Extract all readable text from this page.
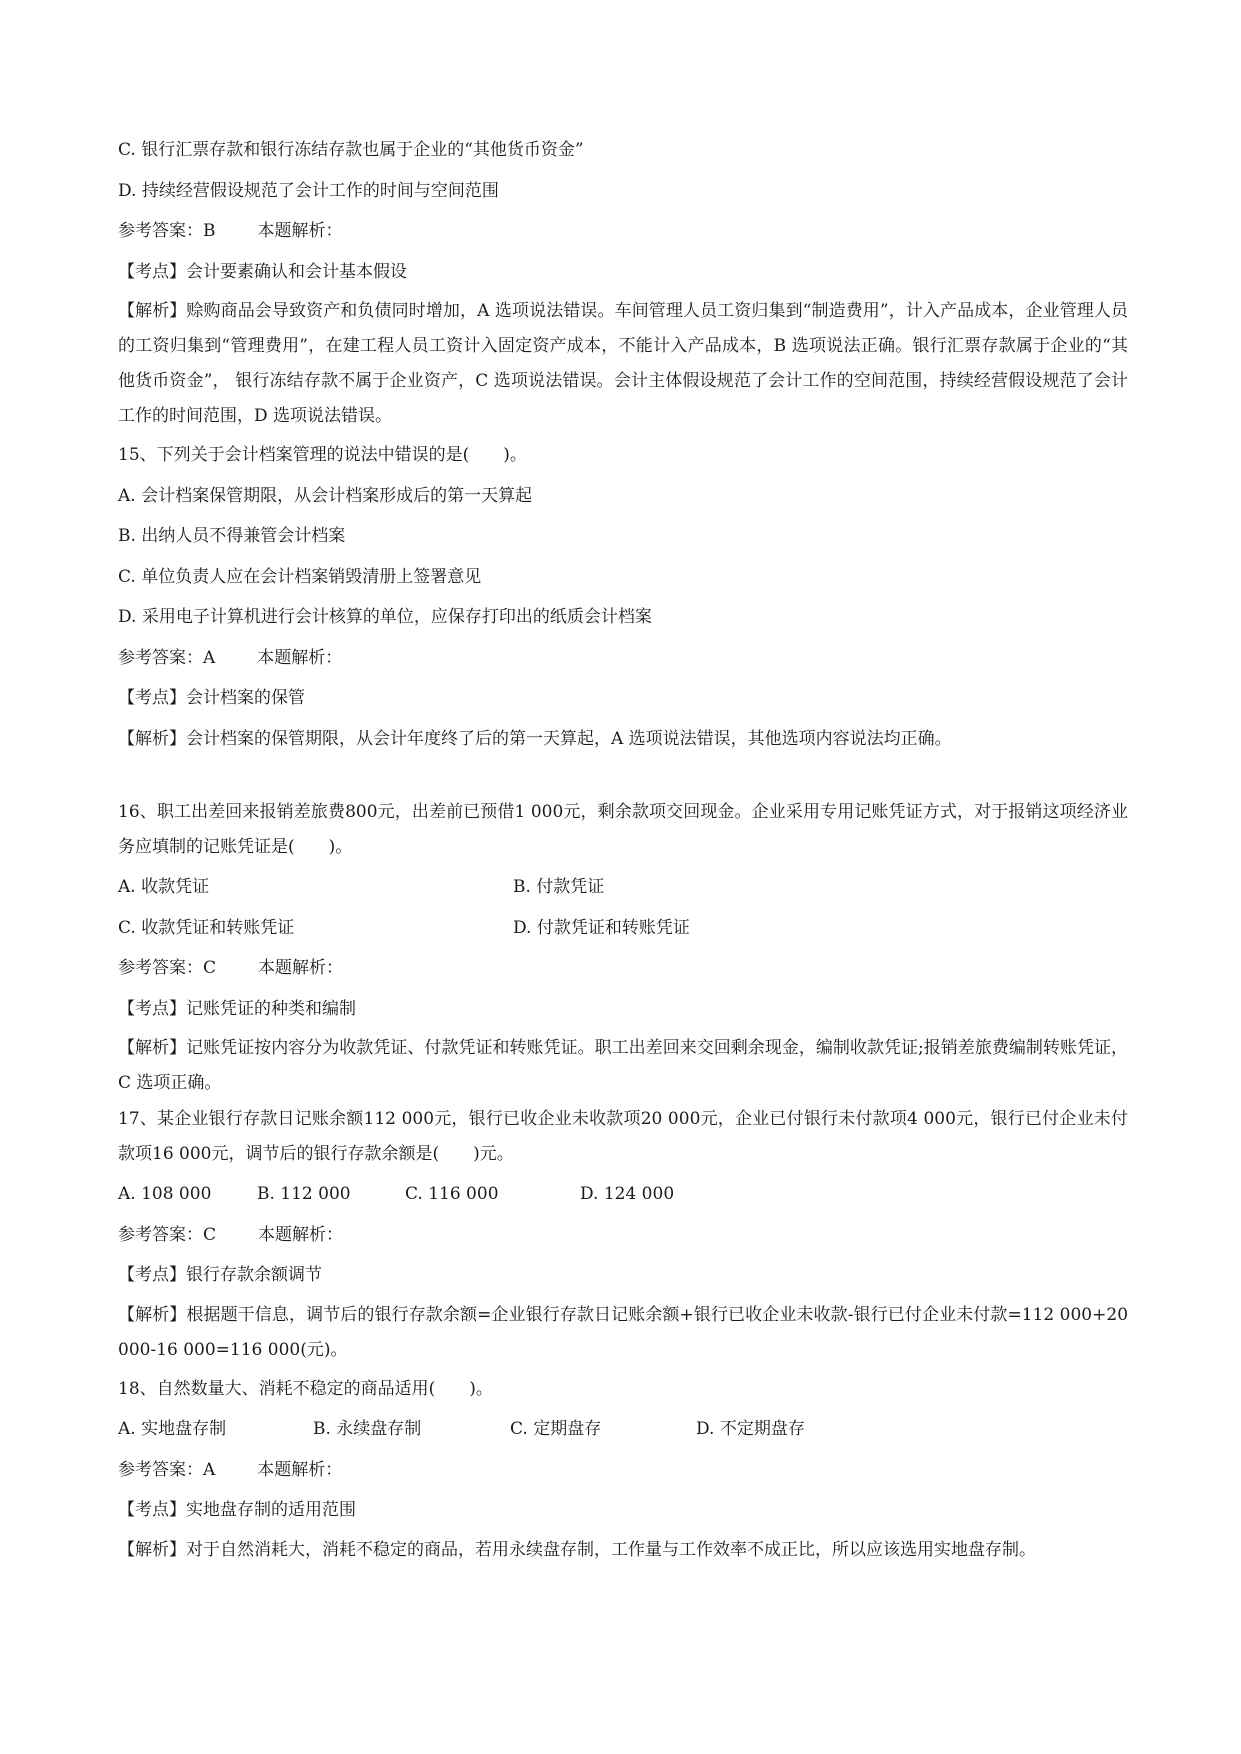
C. 银行汇票存款和银行冻结存款也属于企业的“其他货币资金”
D. 持续经营假设规范了会计工作的时间与空间范围
参考答案：B 本题解析：
【考点】会计要素确认和会计基本假设
【解析】赊购商品会导致资产和负债同时增加，A 选项说法错误。车间管理人员工资归集到“制造费用”，计入产品成本，企业管理人员的工资归集到“管理费用”，在建工程人员工资计入固定资产成本，不能计入产品成本，B 选项说法正确。银行汇票存款属于企业的“其他货币资金”， 银行冻结存款不属于企业资产，C 选项说法错误。会计主体假设规范了会计工作的空间范围，持续经营假设规范了会计工作的时间范围，D 选项说法错误。
15、下列关于会计档案管理的说法中错误的是(　　)。
A. 会计档案保管期限，从会计档案形成后的第一天算起
B. 出纳人员不得兼管会计档案
C. 单位负责人应在会计档案销毁清册上签署意见
D. 采用电子计算机进行会计核算的单位，应保存打印出的纸质会计档案
参考答案：A 本题解析：
【考点】会计档案的保管
【解析】会计档案的保管期限，从会计年度终了后的第一天算起，A 选项说法错误，其他选项内容说法均正确。
16、职工出差回来报销差旅费800元，出差前已预借1 000元，剩余款项交回现金。企业采用专用记账凭证方式，对于报销这项经济业务应填制的记账凭证是(　　)。
A. 收款凭证	B. 付款凭证
C. 收款凭证和转账凭证	D. 付款凭证和转账凭证
参考答案：C 本题解析：
【考点】记账凭证的种类和编制
【解析】记账凭证按内容分为收款凭证、付款凭证和转账凭证。职工出差回来交回剩余现金，编制收款凭证;报销差旅费编制转账凭证，C 选项正确。
17、某企业银行存款日记账余额112 000元，银行已收企业未收款项20 000元，企业已付银行未付款项4 000元，银行已付企业未付款项16 000元，调节后的银行存款余额是(　　)元。
A. 108 000	B. 112 000	C. 116 000	D. 124 000
参考答案：C 本题解析：
【考点】银行存款余额调节
【解析】根据题干信息，调节后的银行存款余额=企业银行存款日记账余额+银行已收企业未收款-银行已付企业未付款=112 000+20 000-16 000=116 000(元)。
18、自然数量大、消耗不稳定的商品适用(　　)。
A. 实地盘存制	B. 永续盘存制	C. 定期盘存	D. 不定期盘存
参考答案：A 本题解析：
【考点】实地盘存制的适用范围
【解析】对于自然消耗大，消耗不稳定的商品，若用永续盘存制，工作量与工作效率不成正比，所以应该选用实地盘存制。
